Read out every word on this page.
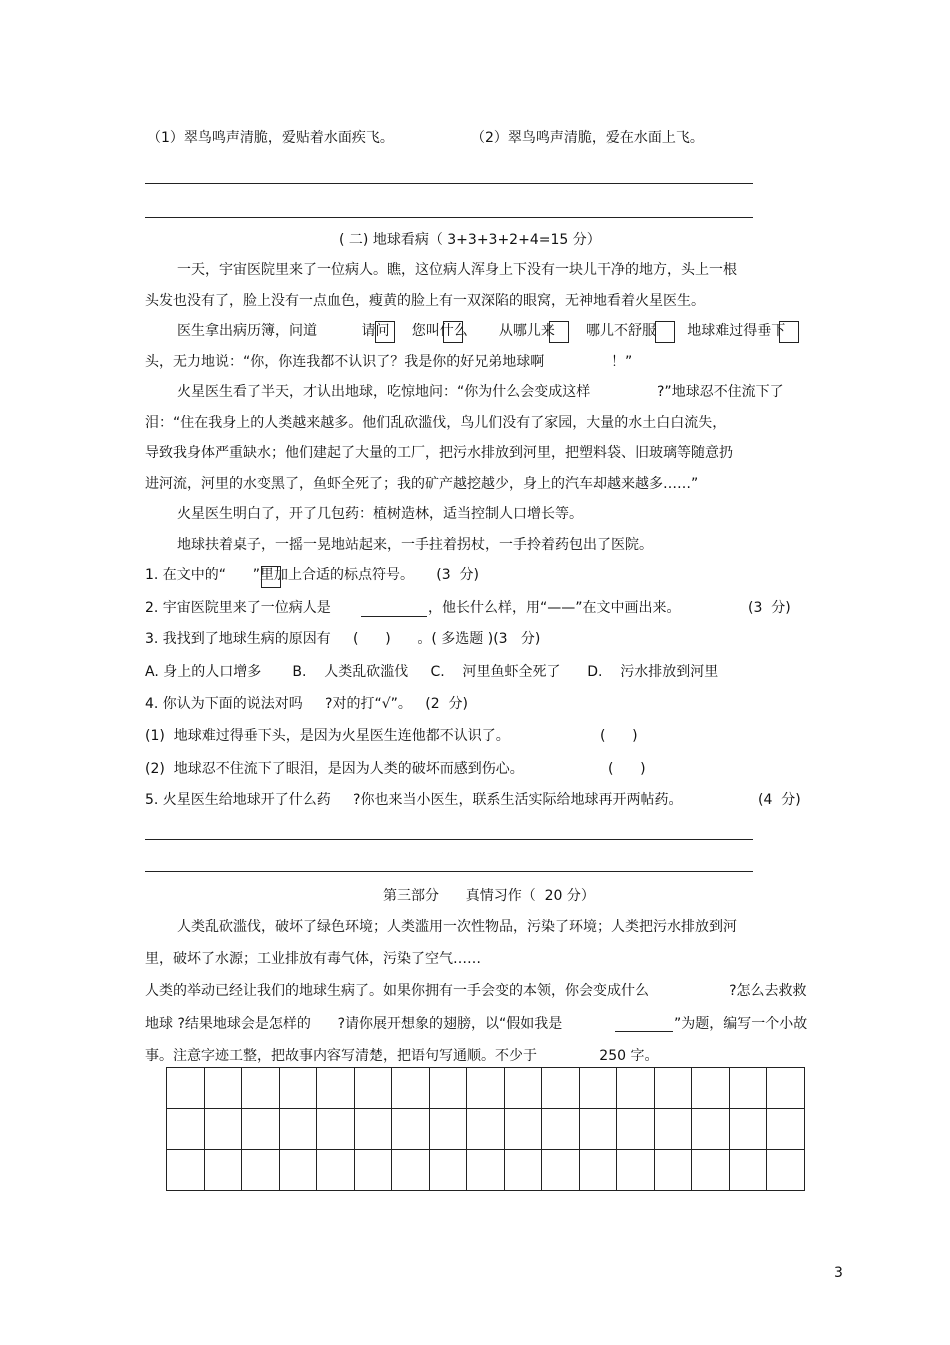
（1）翠鸟鸣声清脆，爱贴着水面疾飞。	（2）翠鸟鸣声清脆，爱在水面上飞。
( 二) 地球看病（ 3+3+3+2+4=15 分）
一天，宇宙医院里来了一位病人。瞧，这位病人浑身上下没有一块儿干净的地方，头上一根
头发也没有了，脸上没有一点血色，瘦黄的脸上有一双深陷的眼窝，无神地看着火星医生。
医生拿出病历簿，问道          请问     您叫什么       从哪儿来       哪儿不舒服       地球难过得垂下
头，无力地说：“你，你连我都不认识了？我是你的好兄弟地球啊               ！”
火星医生看了半天，才认出地球，吃惊地问：“你为什么会变成这样               ?”地球忍不住流下了
泪：“住在我身上的人类越来越多。他们乱砍滥伐，鸟儿们没有了家园，大量的水土白白流失，
导致我身体严重缺水；他们建起了大量的工厂，把污水排放到河里，把塑料袋、旧玻璃等随意扔
进河流，河里的水变黑了，鱼虾全死了；我的矿产越挖越少，身上的汽车却越来越多……”
火星医生明白了，开了几包药：植树造林，适当控制人口增长等。
地球扶着桌子，一摇一晃地站起来，一手拄着拐杖，一手拎着药包出了医院。
1. 在文中的“      ”里加上合适的标点符号。     (3  分)
2. 宇宙医院里来了一位病人是	，他长什么样，用“——”在文中画出来。	(3  分)
3. 我找到了地球生病的原因有     (      )      。( 多选题 )(3   分)
A. 身上的人口增多       B.    人类乱砍滥伐     C.    河里鱼虾全死了      D.    污水排放到河里
4. 你认为下面的说法对吗     ?对的打“√”。   (2  分)
(1)  地球难过得垂下头，是因为火星医生连他都不认识了。	(      )
(2)  地球忍不住流下了眼泪，是因为人类的破坏而感到伤心。	(      )
5. 火星医生给地球开了什么药     ?你也来当小医生，联系生活实际给地球再开两帖药。	(4  分)
第三部分      真情习作（  20 分）
人类乱砍滥伐，破坏了绿色环境；人类滥用一次性物品，污染了环境；人类把污水排放到河
里，破坏了水源；工业排放有毒气体，污染了空气……
人类的举动已经让我们的地球生病了。如果你拥有一手会变的本领，你会变成什么                  ?怎么去救救
地球 ?结果地球会是怎样的      ?请你展开想象的翅膀，以“假如我是	”为题，编写一个小故
事。注意字迹工整，把故事内容写清楚，把语句写通顺。不少于              250 字。

3
